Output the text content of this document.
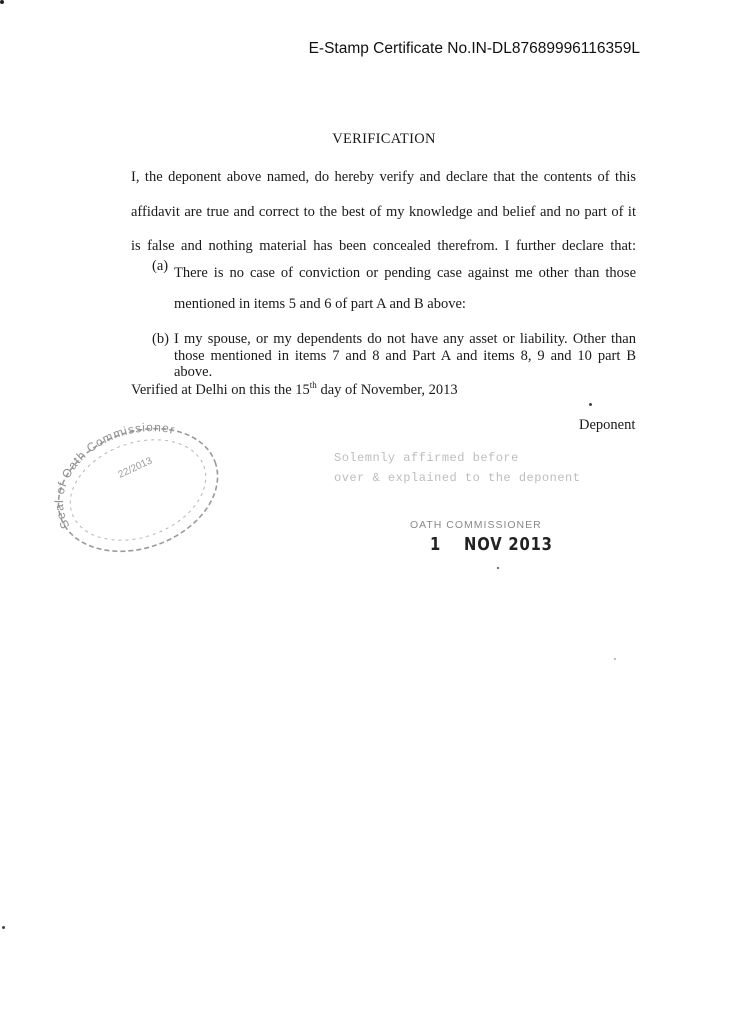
E-Stamp Certificate No.IN-DL87689996116359L
VERIFICATION
I, the deponent above named, do hereby verify and declare that the contents of this
affidavit are true and correct to the best of my knowledge and belief and no part of it
is false and nothing material has been concealed therefrom. I further declare that:
(a) There is no case of conviction or pending case against me other than those
mentioned in items 5 and 6 of part A and B above:
(b) I my spouse, or my dependents do not have any asset or liability. Other than
those mentioned in items 7 and 8 and Part A and items 8, 9 and 10 part B
above.
Verified at Delhi on this the 15th day of November, 2013
Deponent
Seal of Oath Commissioner
22/2013	Solemnly affirmed before
over & explained to the deponent
OATH COMMISSIONER
1 NOV 2013
